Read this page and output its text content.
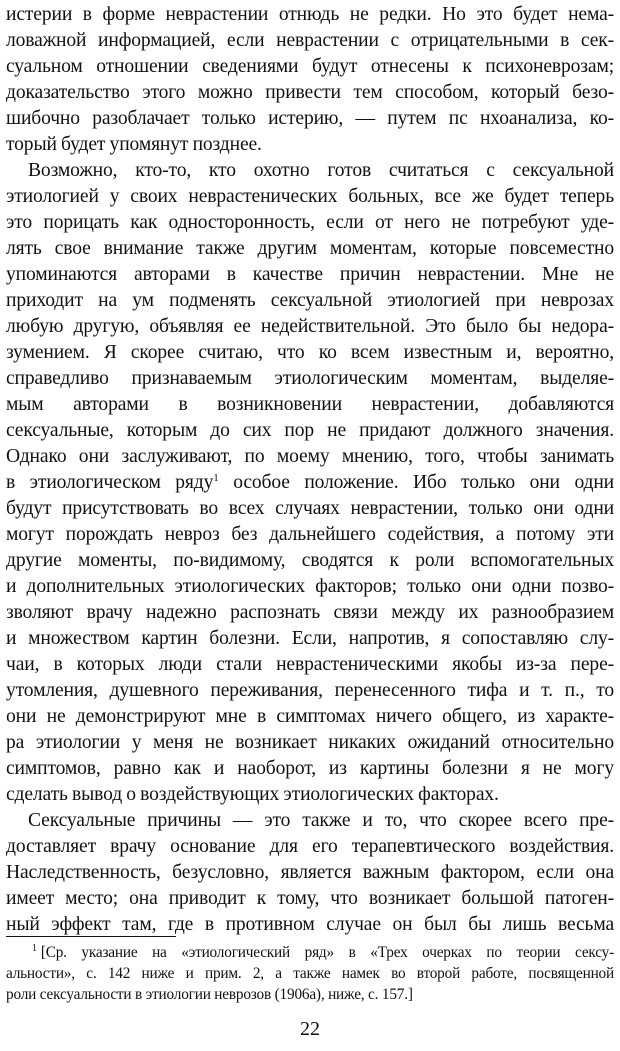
истерии в форме неврастении отнюдь не редки. Но это будет нема-
ловажной информацией, если неврастении с отрицательными в сек-
суальном отношении сведениями будут отнесены к психоневрозам;
доказательство этого можно привести тем способом, который безо-
шибочно разоблачает только истерию, — путем пс нхоанализа, ко-
торый будет упомянут позднее.
Возможно, кто-то, кто охотно готов считаться с сексуальной
этиологией у своих неврастенических больных, все же будет теперь
это порицать как односторонность, если от него не потребуют уде-
лять свое внимание также другим моментам, которые повсеместно
упоминаются авторами в качестве причин неврастении. Мне не
приходит на ум подменять сексуальной этиологией при неврозах
любую другую, объявляя ее недействительной. Это было бы недора-
зумением. Я скорее считаю, что ко всем известным и, вероятно,
справедливо признаваемым этиологическим моментам, выделяе-
мым авторами в возникновении неврастении, добавляются
сексуальные, которым до сих пор не придают должного значения.
Однако они заслуживают, по моему мнению, того, чтобы занимать
в этиологическом ряду$^1$ особое положение. Ибо только они одни
будут присутствовать во всех случаях неврастении, только они одни
могут порождать невроз без дальнейшего содействия, а потому эти
другие моменты, по-видимому, сводятся к роли вспомогательных
и дополнительных этиологических факторов; только они одни позво-
зволяют врачу надежно распознать связи между их разнообразием
и множеством картин болезни. Если, напротив, я сопоставляю слу-
чаи, в которых люди стали неврастеническими якобы из-за пере-
утомления, душевного переживания, перенесенного тифа и т. п., то
они не демонстрируют мне в симптомах ничего общего, из характе-
ра этиологии у меня не возникает никаких ожиданий относительно
симптомов, равно как и наоборот, из картины болезни я не могу
сделать вывод о воздействующих этиологических факторах.
Сексуальные причины — это также и то, что скорее всего пре-
доставляет врачу основание для его терапевтического воздействия.
Наследственность, безусловно, является важным фактором, если она
имеет место; она приводит к тому, что возникает большой патоген-
ный эффект там, где в противном случае он был бы лишь весьма
$^1$ [Ср. указание на «этиологический ряд» в «Трех очерках по теории сексу-
альности», с. 142 ниже и прим. 2, а также намек во второй работе, посвященной
роли сексуальности в этиологии неврозов (1906а), ниже, с. 157.]
22
